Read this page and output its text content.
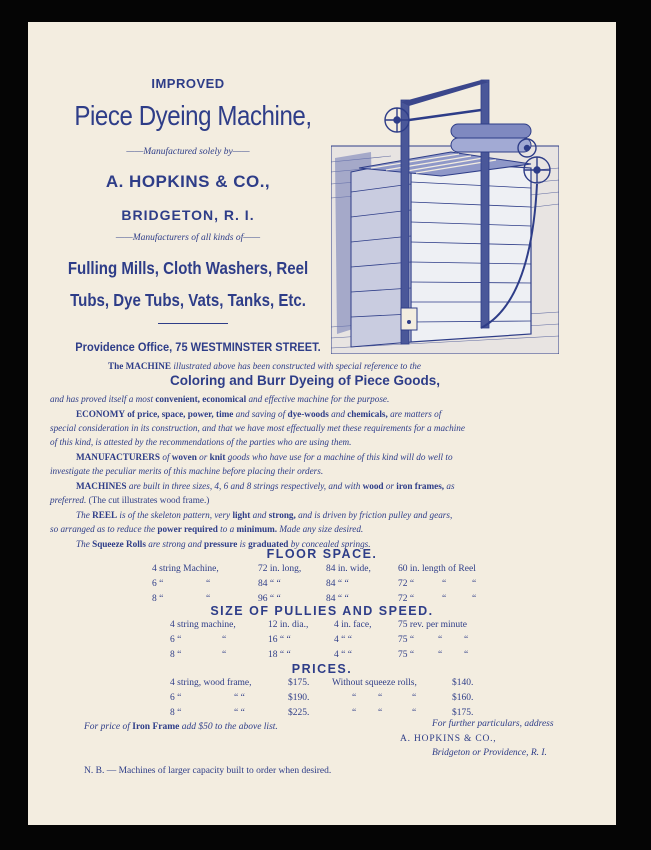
IMPROVED
Piece Dyeing Machine,
——Manufactured solely by——
A. HOPKINS & CO.,
BRIDGETON, R. I.
——Manufacturers of all kinds of——
Fulling Mills, Cloth Washers, Reel
Tubs, Dye Tubs, Vats, Tanks, Etc.
Providence Office, 75 WESTMINSTER STREET.
The MACHINE illustrated above has been constructed with special reference to the
Coloring and Burr Dyeing of Piece Goods,
and has proved itself a most convenient, economical and effective machine for the purpose.
ECONOMY of price, space, power, time and saving of dye-woods and chemicals, are matters of
special consideration in its construction, and that we have most effectually met these requirements for a machine
of this kind, is attested by the recommendations of the parties who are using them.
MANUFACTURERS of woven or knit goods who have use for a machine of this kind will do well to
investigate the peculiar merits of this machine before placing their orders.
MACHINES are built in three sizes, 4, 6 and 8 strings respectively, and with wood or iron frames, as
preferred. (The cut illustrates wood frame.)
The REEL is of the skeleton pattern, very light and strong, and is driven by friction pulley and gears,
so arranged as to reduce the power required to a minimum. Made any size desired.
The Squeeze Rolls are strong and pressure is graduated by concealed springs.
FLOOR SPACE.
4 string Machine,	72 in. long,	84 in. wide,	60 in. length of Reel
6 “	“	84 “ “	84 “ “	72 “	“	“
8 “	“	96 “ “	84 “ “	72 “	“	“
SIZE OF PULLIES AND SPEED.
4 string machine,	12 in. dia.,	4 in. face,	75 rev. per minute
6 “	“	16 “ “	4 “ “	75 “	“ “
8 “	“	18 “ “	4 “ “	75 “	“ “
PRICES.
4 string, wood frame,	$175. Without squeeze rolls,	$140.
6 “	“ “	$190.	“ “	“	$160.
8 “	“ “	$225.	“ “	“	$175.
For price of Iron Frame add $50 to the above list.	For further particulars, address
A. HOPKINS & CO.,
Bridgeton or Providence, R. I.
N. B. — Machines of larger capacity built to order when desired.
